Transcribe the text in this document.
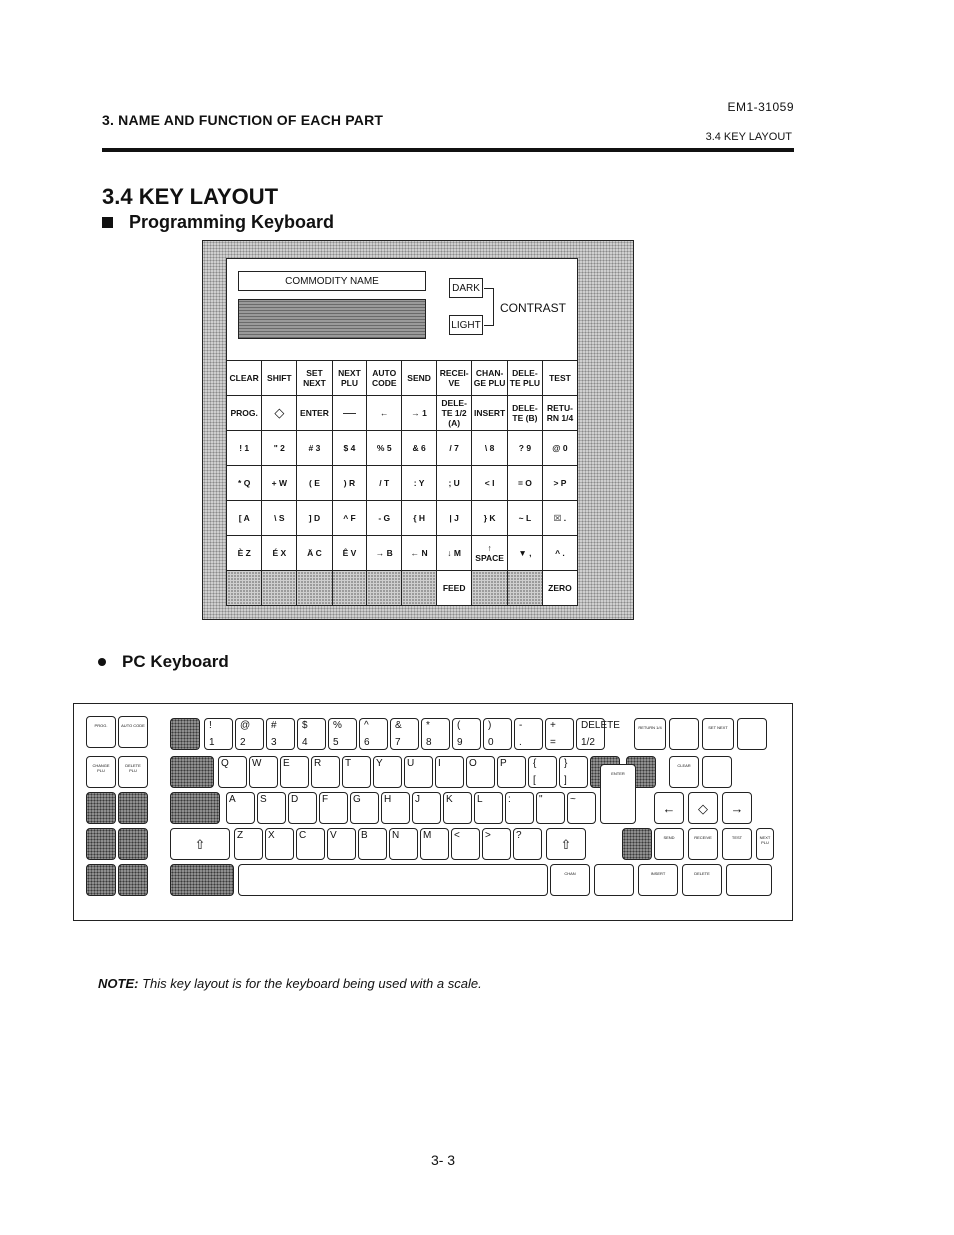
3. NAME AND FUNCTION OF EACH PART
EM1-31059
3.4 KEY LAYOUT
3.4 KEY LAYOUT
Programming Keyboard
COMMODITY NAME
DARK
LIGHT
CONTRAST
CLEAR	SHIFT	SET NEXT	NEXT PLU	AUTO CODE	SEND	RECEI- VE	CHAN- GE PLU	DELE- TE PLU	TEST
PROG.	◇	ENTER	—	←	→ 1	DELE- TE 1/2 (A)	INSERT	DELE- TE (B)	RETU- RN 1/4
! 1	" 2	# 3	$ 4	% 5	& 6	/ 7	\ 8	? 9	@ 0
* Q	+ W	( E	) R	/ T	: Y	; U	< I	= O	> P
[ A	\ S	] D	^ F	- G	{ H	| J	} K	~ L	☒ .
È Z	É X	Ä C	Ê V	→ B	← N	↓ M	↑ SPACE	▼ ,	^ .
						FEED			ZERO
PC Keyboard
PROG.	AUTO CODE
CHANGE PLU
DELETE PLU
!
1
@
2
#
3
$
4
%
5
^
6
&
7
*
8
(
9
)
0
-
.
+
=
DELETE
1/2
RETURN 1/4	SET NEXT
Q	W	E	R	T	Y	U	I	O	P	{
[
}
]
CLEAR
A	S	D	F	G	H	J	K	L	:	"	~
ENTER
← ◇ →
⇧
Z	X	C	V	B	N	M	<	>	?
⇧	SEND	RECEIVE	TEST	NEXT PLU
CHAN	INSERT	DELETE
NOTE: This key layout is for the keyboard being used with a scale.
3- 3
